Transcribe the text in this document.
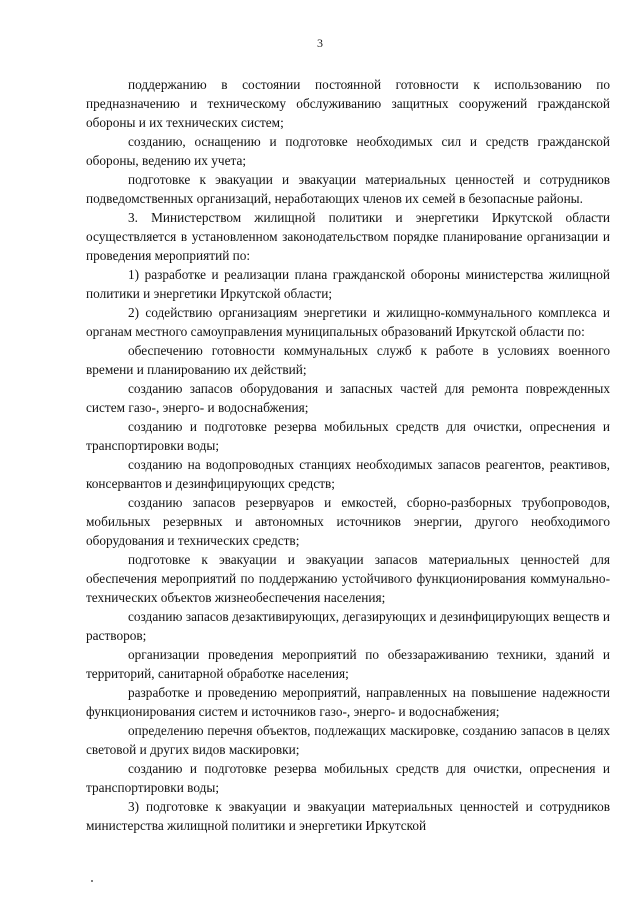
3

поддержанию в состоянии постоянной готовности к использованию по предназначению и техническому обслуживанию защитных сооружений гражданской обороны и их технических систем;

созданию, оснащению и подготовке необходимых сил и средств гражданской обороны, ведению их учета;

подготовке к эвакуации и эвакуации материальных ценностей и сотрудников подведомственных организаций, неработающих членов их семей в безопасные районы.

3. Министерством жилищной политики и энергетики Иркутской области осуществляется в установленном законодательством порядке планирование организации и проведения мероприятий по:

1) разработке и реализации плана гражданской обороны министерства жилищной политики и энергетики Иркутской области;

2) содействию организациям энергетики и жилищно-коммунального комплекса и органам местного самоуправления муниципальных образований Иркутской области по:

обеспечению готовности коммунальных служб к работе в условиях военного времени и планированию их действий;

созданию запасов оборудования и запасных частей для ремонта поврежденных систем газо-, энерго- и водоснабжения;

созданию и подготовке резерва мобильных средств для очистки, опреснения и транспортировки воды;

созданию на водопроводных станциях необходимых запасов реагентов, реактивов, консервантов и дезинфицирующих средств;

созданию запасов резервуаров и емкостей, сборно-разборных трубопроводов, мобильных резервных и автономных источников энергии, другого необходимого оборудования и технических средств;

подготовке к эвакуации и эвакуации запасов материальных ценностей для обеспечения мероприятий по поддержанию устойчивого функционирования коммунально-технических объектов жизнеобеспечения населения;

созданию запасов дезактивирующих, дегазирующих и дезинфицирующих веществ и растворов;

организации проведения мероприятий по обеззараживанию техники, зданий и территорий, санитарной обработке населения;

разработке и проведению мероприятий, направленных на повышение надежности функционирования систем и источников газо-, энерго- и водоснабжения;

определению перечня объектов, подлежащих маскировке, созданию запасов в целях световой и других видов маскировки;

созданию и подготовке резерва мобильных средств для очистки, опреснения и транспортировки воды;

3) подготовке к эвакуации и эвакуации материальных ценностей и сотрудников министерства жилищной политики и энергетики Иркутской
